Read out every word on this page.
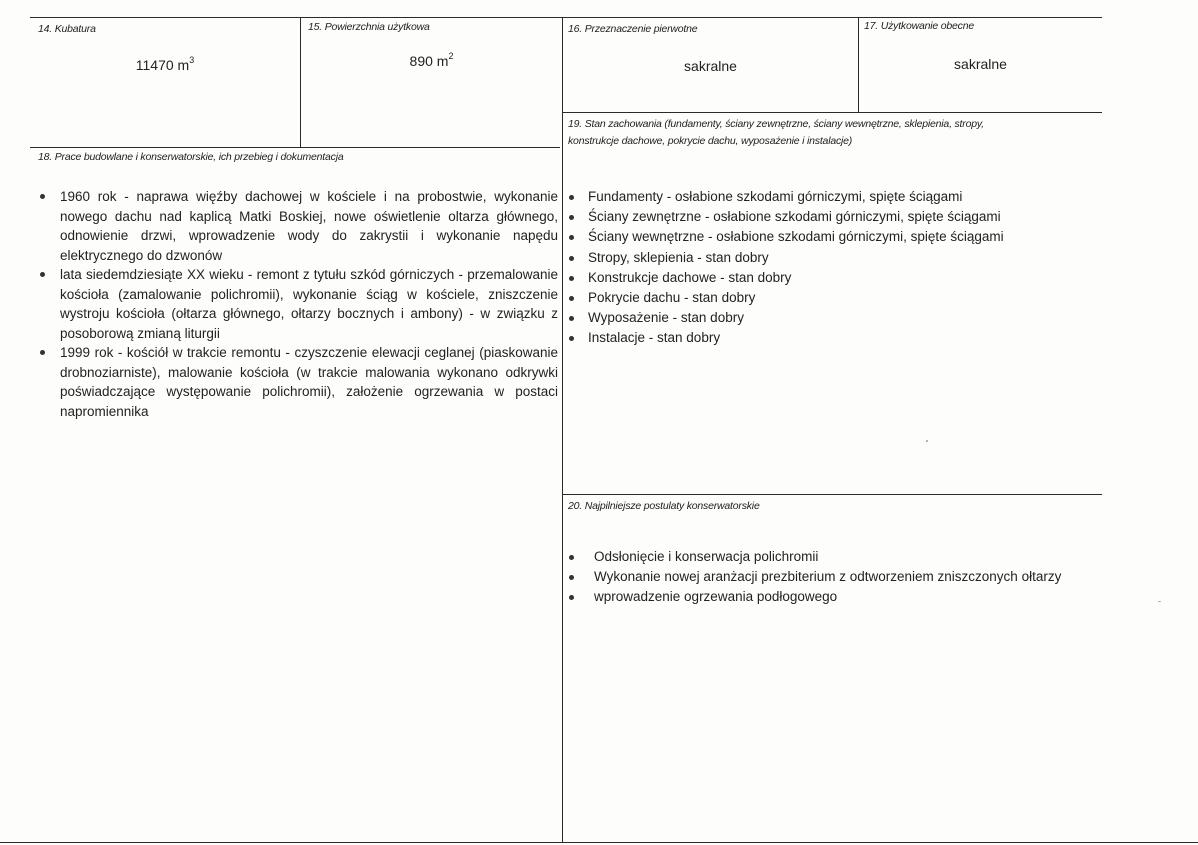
14. Kubatura
11470 $m^3$
15. Powierzchnia użytkowa
890 $m^2$
16. Przeznaczenie pierwotne
sakralne
17. Użytkowanie obecne
sakralne
18. Prace budowlane i konserwatorskie, ich przebieg i dokumentacja
1960 rok - naprawa więźby dachowej w kościele i na probostwie, wykonanie nowego dachu nad kaplicą Matki Boskiej, nowe oświetlenie oltarza głównego, odnowienie drzwi, wprowadzenie wody do zakrystii i wykonanie napędu elektrycznego do dzwonów
lata siedemdziesiąte XX wieku - remont z tytułu szkód górniczych - przemalowanie kościoła (zamalowanie polichromii), wykonanie ściąg w kościele, zniszczenie wystroju kościoła (ołtarza głównego, ołtarzy bocznych i ambony) - w związku z posoborową zmianą liturgii
1999 rok - kościół w trakcie remontu - czyszczenie elewacji ceglanej (piaskowanie drobnoziarniste), malowanie kościoła (w trakcie malowania wykonano odkrywki poświadczające występowanie polichromii), założenie ogrzewania w postaci napromiennika
19. Stan zachowania (fundamenty, ściany zewnętrzne, ściany wewnętrzne, sklepienia, stropy, konstrukcje dachowe, pokrycie dachu, wyposażenie i instalacje)
Fundamenty - osłabione szkodami górniczymi, spięte ściągami
Ściany zewnętrzne - osłabione szkodami górniczymi, spięte ściągami
Ściany wewnętrzne - osłabione szkodami górniczymi, spięte ściągami
Stropy, sklepienia - stan dobry
Konstrukcje dachowe - stan dobry
Pokrycie dachu - stan dobry
Wyposażenie - stan dobry
Instalacje - stan dobry
20. Najpilniejsze postulaty konserwatorskie
Odsłonięcie i konserwacja polichromii
Wykonanie nowej aranżacji prezbiterium z odtworzeniem zniszczonych ołtarzy
wprowadzenie ogrzewania podłogowego
